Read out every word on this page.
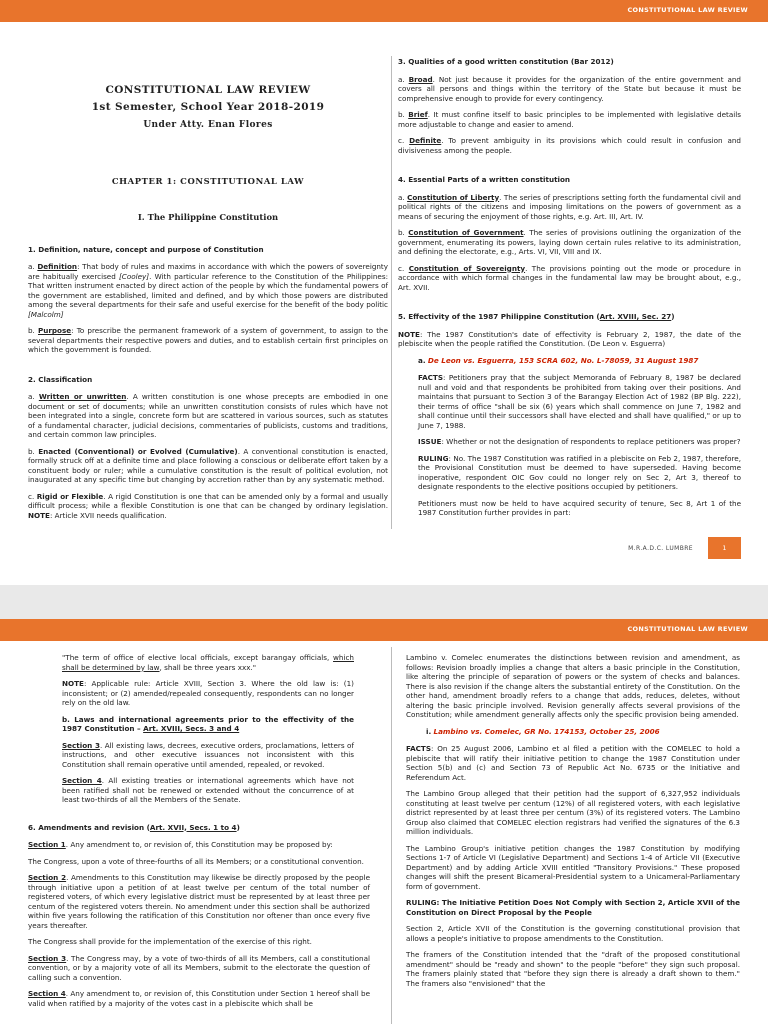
CONSTITUTIONAL LAW REVIEW
CONSTITUTIONAL LAW REVIEW
1st Semester, School Year 2018-2019
Under Atty. Enan Flores
CHAPTER 1: CONSTITUTIONAL LAW
I. The Philippine Constitution
1. Definition, nature, concept and purpose of Constitution

a. Definition: That body of rules and maxims in accordance with which the powers of sovereignty are habitually exercised [Cooley]. With particular reference to the Constitution of the Philippines: That written instrument enacted by direct action of the people by which the fundamental powers of the government are established, limited and defined, and by which those powers are distributed among the several departments for their safe and useful exercise for the benefit of the body politic [Malcolm]

b. Purpose: To prescribe the permanent framework of a system of government, to assign to the several departments their respective powers and duties, and to establish certain first principles on which the government is founded.

2. Classification

a. Written or unwritten. A written constitution is one whose precepts are embodied in one document or set of documents; while an unwritten constitution consists of rules which have not been integrated into a single, concrete form but are scattered in various sources, such as statutes of a fundamental character, judicial decisions, commentaries of publicists, customs and traditions, and certain common law principles.

b. Enacted (Conventional) or Evolved (Cumulative). A conventional constitution is enacted, formally struck off at a definite time and place following a conscious or deliberate effort taken by a constituent body or ruler; while a cumulative constitution is the result of political evolution, not inaugurated at any specific time but changing by accretion rather than by any systematic method.

c. Rigid or Flexible. A rigid Constitution is one that can be amended only by a formal and usually difficult process; while a flexible Constitution is one that can be changed by ordinary legislation. NOTE: Article XVII needs qualification.

3. Qualities of a good written constitution (Bar 2012)

a. Broad. Not just because it provides for the organization of the entire government and covers all persons and things within the territory of the State but because it must be comprehensive enough to provide for every contingency.

b. Brief. It must confine itself to basic principles to be implemented with legislative details more adjustable to change and easier to amend.

c. Definite. To prevent ambiguity in its provisions which could result in confusion and divisiveness among the people.

4. Essential Parts of a written constitution

a. Constitution of Liberty. The series of prescriptions setting forth the fundamental civil and political rights of the citizens and imposing limitations on the powers of government as a means of securing the enjoyment of those rights, e.g. Art. III, Art. IV.

b. Constitution of Government. The series of provisions outlining the organization of the government, enumerating its powers, laying down certain rules relative to its administration, and defining the electorate, e.g., Arts. VI, VII, VIII and IX.

c. Constitution of Sovereignty. The provisions pointing out the mode or procedure in accordance with which formal changes in the fundamental law may be brought about, e.g., Art. XVII.

5. Effectivity of the 1987 Philippine Constitution (Art. XVIII, Sec. 27)

NOTE: The 1987 Constitution's date of effectivity is February 2, 1987, the date of the plebiscite when the people ratified the Constitution. (De Leon v. Esguerra)

a. De Leon vs. Esguerra, 153 SCRA 602, No. L-78059, 31 August 1987

FACTS: Petitioners pray that the subject Memoranda of February 8, 1987 be declared null and void and that respondents be prohibited from taking over their positions. And maintains that pursuant to Section 3 of the Barangay Election Act of 1982 (BP Blg. 222), their terms of office "shall be six (6) years which shall commence on June 7, 1982 and shall continue until their successors shall have elected and shall have qualified," or up to June 7, 1988.

ISSUE: Whether or not the designation of respondents to replace petitioners was proper?

RULING: No. The 1987 Constitution was ratified in a plebiscite on Feb 2, 1987, therefore, the Provisional Constitution must be deemed to have superseded. Having become inoperative, respondent OIC Gov could no longer rely on Sec 2, Art 3, thereof to designate respondents to the elective positions occupied by petitioners.

Petitioners must now be held to have acquired security of tenure, Sec 8, Art 1 of the 1987 Constitution further provides in part:

M.R.A.D.C. LUMBRE	1
CONSTITUTIONAL LAW REVIEW

"The term of office of elective local officials, except barangay officials, which shall be determined by law, shall be three years xxx."

NOTE: Applicable rule: Article XVIII, Section 3. Where the old law is: (1) inconsistent; or (2) amended/repealed consequently, respondents can no longer rely on the old law.

b. Laws and international agreements prior to the effectivity of the 1987 Constitution – Art. XVIII, Secs. 3 and 4

Section 3. All existing laws, decrees, executive orders, proclamations, letters of instructions, and other executive issuances not inconsistent with this Constitution shall remain operative until amended, repealed, or revoked.

Section 4. All existing treaties or international agreements which have not been ratified shall not be renewed or extended without the concurrence of at least two-thirds of all the Members of the Senate.

6. Amendments and revision (Art. XVII, Secs. 1 to 4)

Section 1. Any amendment to, or revision of, this Constitution may be proposed by:

The Congress, upon a vote of three-fourths of all its Members; or a constitutional convention.

Section 2. Amendments to this Constitution may likewise be directly proposed by the people through initiative upon a petition of at least twelve per centum of the total number of registered voters, of which every legislative district must be represented by at least three per centum of the registered voters therein. No amendment under this section shall be authorized within five years following the ratification of this Constitution nor oftener than once every five years thereafter.

The Congress shall provide for the implementation of the exercise of this right.

Section 3. The Congress may, by a vote of two-thirds of all its Members, call a constitutional convention, or by a majority vote of all its Members, submit to the electorate the question of calling such a convention.

Section 4. Any amendment to, or revision of, this Constitution under Section 1 hereof shall be valid when ratified by a majority of the votes cast in a plebiscite which shall be

Lambino v. Comelec enumerates the distinctions between revision and amendment, as follows: Revision broadly implies a change that alters a basic principle in the Constitution, like altering the principle of separation of powers or the system of checks and balances. There is also revision if the change alters the substantial entirety of the Constitution. On the other hand, amendment broadly refers to a change that adds, reduces, deletes, without altering the basic principle involved. Revision generally affects several provisions of the Constitution; while amendment generally affects only the specific provision being amended.

i. Lambino vs. Comelec, GR No. 174153, October 25, 2006

FACTS: On 25 August 2006, Lambino et al filed a petition with the COMELEC to hold a plebiscite that will ratify their initiative petition to change the 1987 Constitution under Section 5(b) and (c) and Section 73 of Republic Act No. 6735 or the Initiative and Referendum Act.

The Lambino Group alleged that their petition had the support of 6,327,952 individuals constituting at least twelve per centum (12%) of all registered voters, with each legislative district represented by at least three per centum (3%) of its registered voters. The Lambino Group also claimed that COMELEC election registrars had verified the signatures of the 6.3 million individuals.

The Lambino Group's initiative petition changes the 1987 Constitution by modifying Sections 1-7 of Article VI (Legislative Department) and Sections 1-4 of Article VII (Executive Department) and by adding Article XVIII entitled "Transitory Provisions." These proposed changes will shift the present Bicameral-Presidential system to a Unicameral-Parliamentary form of government.

RULING: The Initiative Petition Does Not Comply with Section 2, Article XVII of the Constitution on Direct Proposal by the People

Section 2, Article XVII of the Constitution is the governing constitutional provision that allows a people's initiative to propose amendments to the Constitution.

The framers of the Constitution intended that the "draft of the proposed constitutional amendment" should be "ready and shown" to the people "before" they sign such proposal. The framers plainly stated that "before they sign there is already a draft shown to them." The framers also "envisioned" that the
